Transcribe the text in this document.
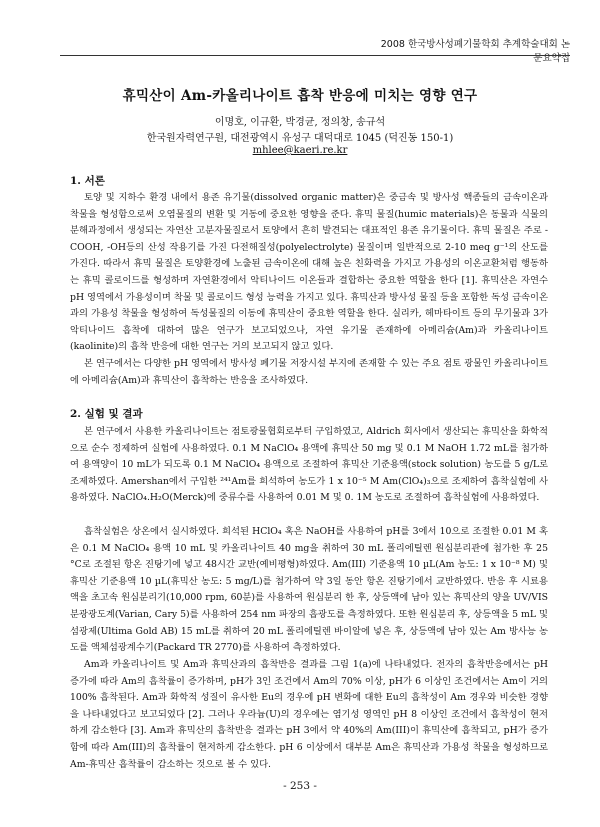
2008 한국방사성폐기물학회 추계학술대회 논문요약집
휴믹산이 Am-카올리나이트 흡착 반응에 미치는 영향 연구
이명호, 이규환, 박경균, 정의창, 송규석
한국원자력연구원, 대전광역시 유성구 대덕대로 1045 (덕진동 150-1)
mhlee@kaeri.re.kr
1. 서론

토양 및 지하수 환경 내에서 용존 유기물(dissolved organic matter)은 중금속 및 방사성 핵종들의 금속이온과 착물을 형성함으로써 오염물질의 변환 및 거동에 중요한 영향을 준다. 휴믹 물질(humic materials)은 동물과 식물의 분해과정에서 생성되는 자연산 고분자물질로서 토양에서 흔히 발견되는 대표적인 용존 유기물이다. 휴믹 물질은 주로 -COOH, -OH등의 산성 작용기를 가진 다전해질성(polyelectrolyte) 물질이며 일반적으로 2-10 meq g⁻¹의 산도를 가진다. 따라서 휴믹 물질은 토양환경에 노출된 금속이온에 대해 높은 친화력을 가지고 가용성의 이온교환처럼 행동하는 휴믹 콜로이드를 형성하며 자연환경에서 악티나이드 이온들과 결합하는 중요한 역할을 한다 [1]. 휴믹산은 자연수 pH 영역에서 가용성이며 착물 및 콜로이드 형성 능력을 가지고 있다. 휴믹산과 방사성 물질 등을 포함한 독성 금속이온과의 가용성 착물을 형성하여 독성물질의 이동에 휴믹산이 중요한 역할을 한다. 실리카, 헤마타이트 등의 무기물과 3가 악티나이드 흡착에 대하여 많은 연구가 보고되었으나, 자연 유기물 존재하에 아메리슘(Am)과 카올리나이트(kaolinite)의 흡착 반응에 대한 연구는 거의 보고되지 않고 있다.

본 연구에서는 다양한 pH 영역에서 방사성 폐기물 저장시설 부지에 존재할 수 있는 주요 점토 광물인 카올리나이트에 아메리슘(Am)과 휴믹산이 흡착하는 반응을 조사하였다.

2. 실험 및 결과

본 연구에서 사용한 카올리나이트는 점토광물협회로부터 구입하였고, Aldrich 회사에서 생산되는 휴믹산을 화학적으로 순수 정제하여 실험에 사용하였다. 0.1 M NaClO₄ 용액에 휴믹산 50 mg 및 0.1 M NaOH 1.72 mL를 첨가하여 용액양이 10 mL가 되도록 0.1 M NaClO₄ 용액으로 조절하여 휴믹산 기준용액(stock solution) 농도를 5 g/L로 조제하였다. Amershan에서 구입한 ²⁴¹Am를 희석하여 농도가 1 x 10⁻⁵ M Am(ClO₄)₃으로 조제하여 흡착실험에 사용하였다. NaClO₄.H₂O(Merck)에 중류수를 사용하여 0.01 M 및 0. 1M 농도로 조절하여 흡착실험에 사용하였다.

흡착실험은 상온에서 실시하였다. 희석된 HClO₄ 혹은 NaOH를 사용하여 pH를 3에서 10으로 조절한 0.01 M 혹은 0.1 M NaClO₄ 용액 10 mL 및 카올리나이트 40 mg을 취하여 30 mL 폴리에틸렌 원심분리관에 첨가한 후 25 °C로 조절된 항온 진탕기에 넣고 48시간 교반(예비평형)하였다. Am(III) 기준용액 10 µL(Am 농도: 1 x 10⁻⁸ M) 및 휴믹산 기준용액 10 µL(휴믹산 농도: 5 mg/L)를 첨가하여 약 3일 동안 항온 진탕기에서 교반하였다. 반응 후 시료용액을 초고속 원심분리기(10,000 rpm, 60분)를 사용하여 원심분리 한 후, 상등액에 남아 있는 휴믹산의 양을 UV/VIS 분광광도계(Varian, Cary 5)를 사용하여 254 nm 파장의 흡광도를 측정하였다. 또한 원심분리 후, 상등액을 5 mL 및 섬광제(Ultima Gold AB) 15 mL를 취하여 20 mL 폴리에틸렌 바이알에 넣은 후, 상등액에 남아 있는 Am 방사능 농도를 액체섬광계수기(Packard TR 2770)를 사용하여 측정하였다.

Am과 카올리나이트 및 Am과 휴믹산과의 흡착반응 결과를 그림 1(a)에 나타내었다. 전자의 흡착반응에서는 pH 증가에 따라 Am의 흡착률이 증가하며, pH가 3인 조건에서 Am의 70% 이상, pH가 6 이상인 조건에서는 Am이 거의 100% 흡착된다. Am과 화학적 성질이 유사한 Eu의 경우에 pH 변화에 대한 Eu의 흡착성이 Am 경우와 비슷한 경향을 나타내었다고 보고되었다 [2]. 그러나 우라늄(U)의 경우에는 염기성 영역인 pH 8 이상인 조건에서 흡착성이 현저하게 감소한다 [3]. Am과 휴믹산의 흡착반응 결과는 pH 3에서 약 40%의 Am(III)이 휴믹산에 흡착되고, pH가 증가함에 따라 Am(III)의 흡착률이 현저하게 감소한다. pH 6 이상에서 대부분 Am은 휴믹산과 가용성 착물을 형성하므로 Am-휴믹산 흡착률이 감소하는 것으로 볼 수 있다.

- 253 -
